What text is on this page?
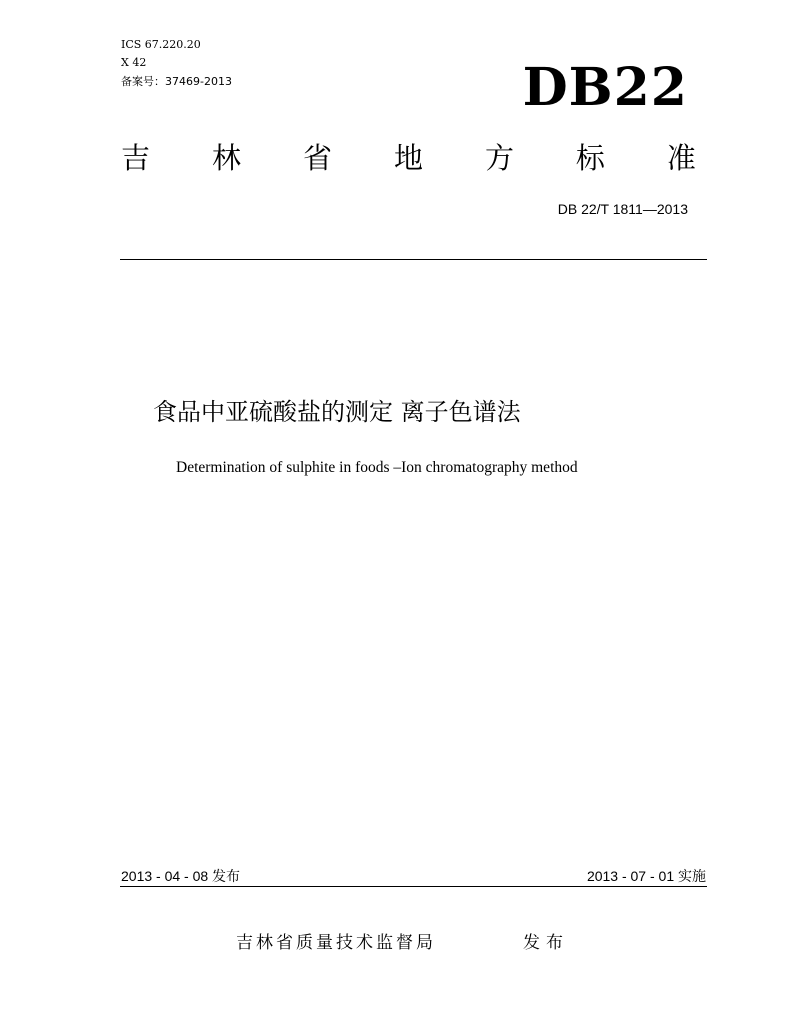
ICS 67.220.20
X 42
备案号：37469-2013	DB22
吉 林 省 地 方 标 准
DB 22/T 1811—2013
食品中亚硫酸盐的测定 离子色谱法
Determination of sulphite in foods –Ion chromatography method
2013 - 04 - 08 发布	2013 - 07 - 01 实施
吉林省质量技术监督局	发布
